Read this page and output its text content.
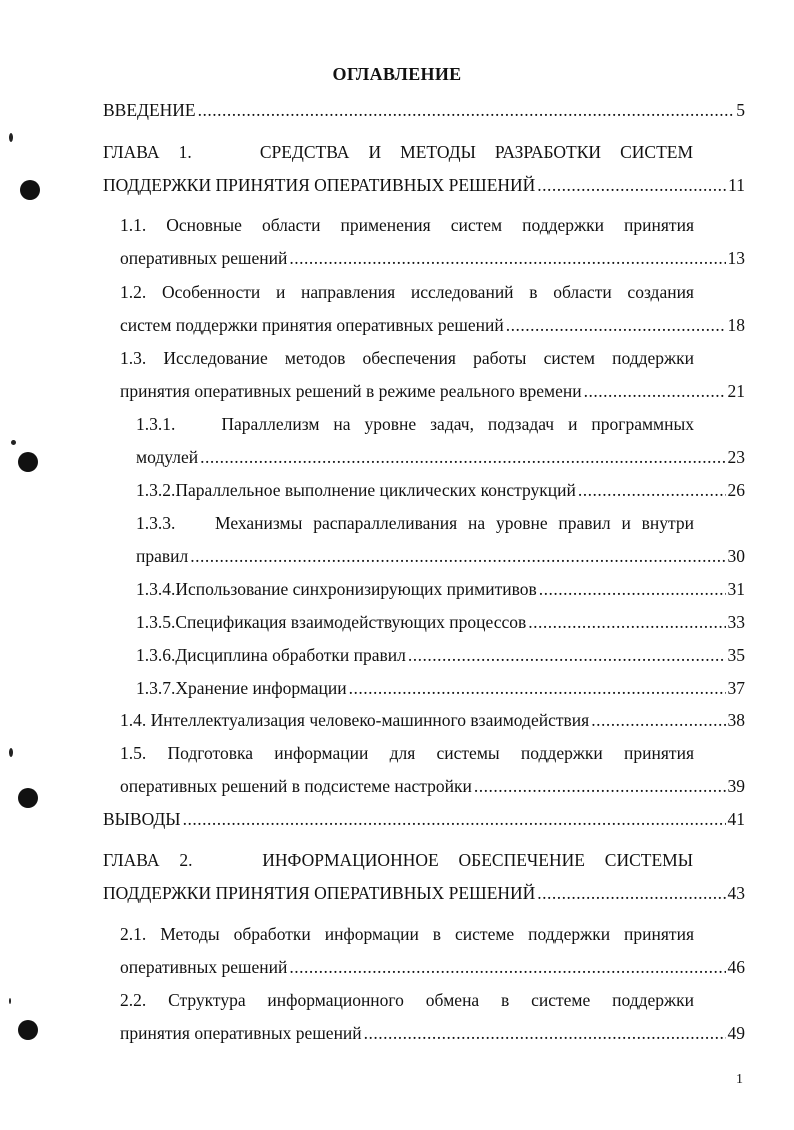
ОГЛАВЛЕНИЕ
ВВЕДЕНИЕ .....	5
ГЛАВА 1.	СРЕДСТВА И МЕТОДЫ РАЗРАБОТКИ СИСТЕМ
ПОДДЕРЖКИ ПРИНЯТИЯ ОПЕРАТИВНЫХ РЕШЕНИЙ .....	11
1.1. Основные области применения систем поддержки принятия
оперативных решений .....	13
1.2. Особенности и направления исследований в области создания
систем поддержки принятия оперативных решений .....	18
1.3. Исследование методов обеспечения работы систем поддержки
принятия оперативных решений в режиме реального времени .....	21
1.3.1.	Параллелизм на уровне задач, подзадач и программных
модулей .....	23
1.3.2. Параллельное выполнение циклических конструкций .....	26
1.3.3. Механизмы распараллеливания на уровне правил и внутри
правил .....	30
1.3.4. Использование синхронизирующих примитивов .....	31
1.3.5. Спецификация взаимодействующих процессов .....	33
1.3.6. Дисциплина обработки правил .....	35
1.3.7. Хранение информации .....	37
1.4. Интеллектуализация человеко-машинного взаимодействия .....	38
1.5. Подготовка информации для системы поддержки принятия
оперативных решений в подсистеме настройки .....	39
ВЫВОДЫ .....	41
ГЛАВА 2.	ИНФОРМАЦИОННОЕ ОБЕСПЕЧЕНИЕ СИСТЕМЫ
ПОДДЕРЖКИ ПРИНЯТИЯ ОПЕРАТИВНЫХ РЕШЕНИЙ .....	43
2.1. Методы обработки информации в системе поддержки принятия
оперативных решений .....	46
2.2. Структура информационного обмена в системе поддержки
принятия оперативных решений .....	49
1
